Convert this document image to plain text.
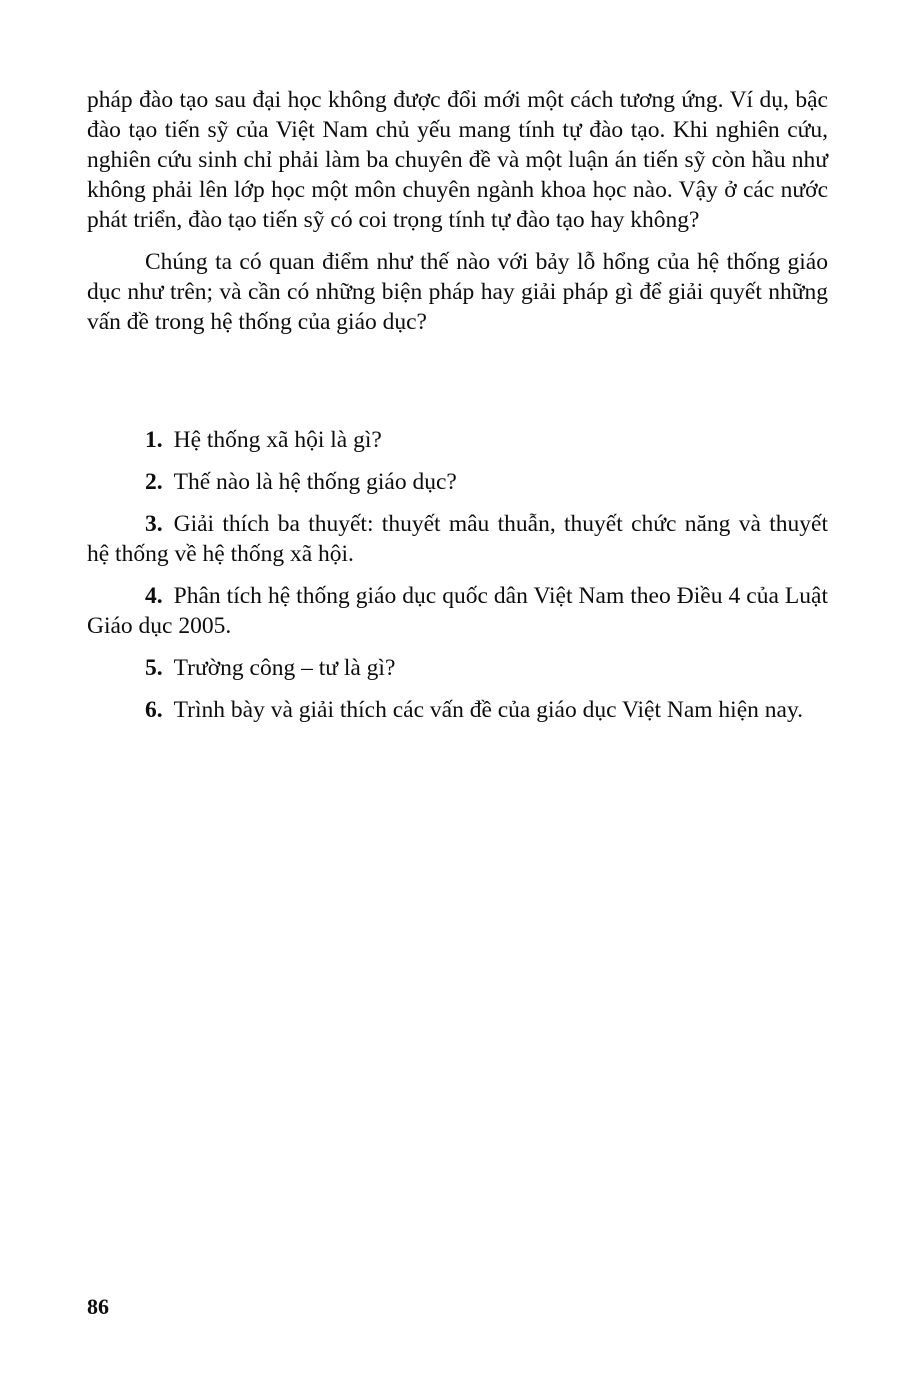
pháp đào tạo sau đại học không được đổi mới một cách tương ứng. Ví dụ, bậc đào tạo tiến sỹ của Việt Nam chủ yếu mang tính tự đào tạo. Khi nghiên cứu, nghiên cứu sinh chỉ phải làm ba chuyên đề và một luận án tiến sỹ còn hầu như không phải lên lớp học một môn chuyên ngành khoa học nào. Vậy ở các nước phát triển, đào tạo tiến sỹ có coi trọng tính tự đào tạo hay không?

Chúng ta có quan điểm như thế nào với bảy lỗ hổng của hệ thống giáo dục như trên; và cần có những biện pháp hay giải pháp gì để giải quyết những vấn đề trong hệ thống của giáo dục?

1. Hệ thống xã hội là gì?

2. Thế nào là hệ thống giáo dục?

3. Giải thích ba thuyết: thuyết mâu thuẫn, thuyết chức năng và thuyết hệ thống về hệ thống xã hội.

4. Phân tích hệ thống giáo dục quốc dân Việt Nam theo Điều 4 của Luật Giáo dục 2005.

5. Trường công – tư là gì?

6. Trình bày và giải thích các vấn đề của giáo dục Việt Nam hiện nay.

86
